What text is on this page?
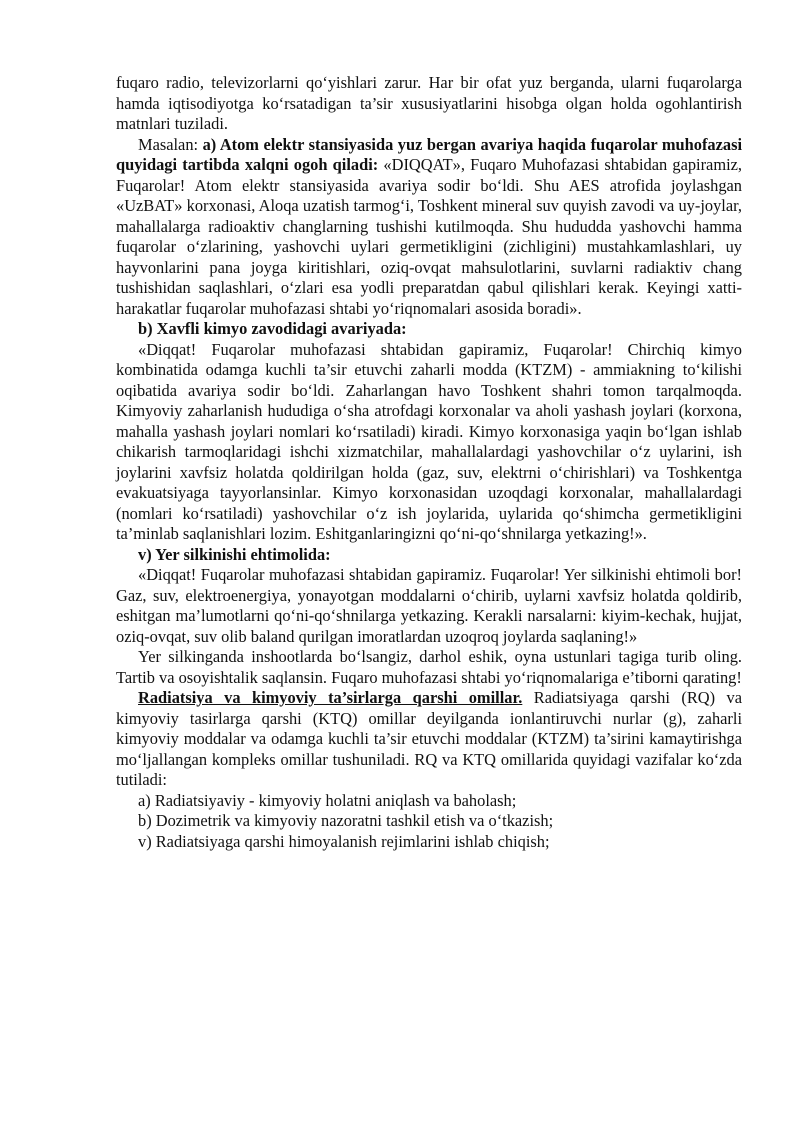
fuqaro radio, televizorlarni qo‘yishlari zarur. Har bir ofat yuz berganda, ularni fuqarolarga hamda iqtisodiyotga ko‘rsatadigan ta’sir xususiyatlarini hisobga olgan holda ogohlantirish matnlari tuziladi.

Masalan: a) Atom elektr stansiyasida yuz bergan avariya haqida fuqarolar muhofazasi quyidagi tartibda xalqni ogoh qiladi: «DIQQAT», Fuqaro Muhofazasi shtabidan gapiramiz, Fuqarolar! Atom elektr stansiyasida avariya sodir bo‘ldi. Shu AES atrofida joylashgan «UzBAT» korxonasi, Aloqa uzatish tarmog‘i, Toshkent mineral suv quyish zavodi va uy-joylar, mahallalarga radioaktiv changlarning tushishi kutilmoqda. Shu hududda yashovchi hamma fuqarolar o‘zlarining, yashovchi uylari germetikligini (zichligini) mustahkamlashlari, uy hayvonlarini pana joyga kiritishlari, oziq-ovqat mahsulotlarini, suvlarni radiaktiv chang tushishidan saqlashlari, o‘zlari esa yodli preparatdan qabul qilishlari kerak. Keyingi xatti-harakatlar fuqarolar muhofazasi shtabi yo‘riqnomalari asosida boradi».

b) Xavfli kimyo zavodidagi avariyada:

«Diqqat! Fuqarolar muhofazasi shtabidan gapiramiz, Fuqarolar! Chirchiq kimyo kombinatida odamga kuchli ta’sir etuvchi zaharli modda (KTZM) - ammiakning to‘kilishi oqibatida avariya sodir bo‘ldi. Zaharlangan havo Toshkent shahri tomon tarqalmoqda. Kimyoviy zaharlanish hududiga o‘sha atrofdagi korxonalar va aholi yashash joylari (korxona, mahalla yashash joylari nomlari ko‘rsatiladi) kiradi. Kimyo korxonasiga yaqin bo‘lgan ishlab chikarish tarmoqlaridagi ishchi xizmatchilar, mahallalardagi yashovchilar o‘z uylarini, ish joylarini xavfsiz holatda qoldirilgan holda (gaz, suv, elektrni o‘chirishlari) va Toshkentga evakuatsiyaga tayyorlansinlar. Kimyo korxonasidan uzoqdagi korxonalar, mahallalardagi (nomlari ko‘rsatiladi) yashovchilar o‘z ish joylarida, uylarida qo‘shimcha germetikligini ta’minlab saqlanishlari lozim. Eshitganlaringizni qo‘ni-qo‘shnilarga yetkazing!».

v) Yer silkinishi ehtimolida:

«Diqqat! Fuqarolar muhofazasi shtabidan gapiramiz. Fuqarolar! Yer silkinishi ehtimoli bor! Gaz, suv, elektroenergiya, yonayotgan moddalarni o‘chirib, uylarni xavfsiz holatda qoldirib, eshitgan ma’lumotlarni qo‘ni-qo‘shnilarga yetkazing. Kerakli narsalarni: kiyim-kechak, hujjat, oziq-ovqat, suv olib baland qurilgan imoratlardan uzoqroq joylarda saqlaning!»

Yer silkinganda inshootlarda bo‘lsangiz, darhol eshik, oyna ustunlari tagiga turib oling. Tartib va osoyishtalik saqlansin. Fuqaro muhofazasi shtabi yo‘riqnomalariga e’tiborni qarating!

Radiatsiya va kimyoviy ta’sirlarga qarshi omillar. Radiatsiyaga qarshi (RQ) va kimyoviy tasirlarga qarshi (KTQ) omillar deyilganda ionlantiruvchi nurlar (g), zaharli kimyoviy moddalar va odamga kuchli ta’sir etuvchi moddalar (KTZM) ta’sirini kamaytirishga mo‘ljallangan kompleks omillar tushuniladi. RQ va KTQ omillarida quyidagi vazifalar ko‘zda tutiladi:

a) Radiatsiyaviy - kimyoviy holatni aniqlash va baholash;

b) Dozimetrik va kimyoviy nazoratni tashkil etish va o‘tkazish;

v) Radiatsiyaga qarshi himoyalanish rejimlarini ishlab chiqish;
